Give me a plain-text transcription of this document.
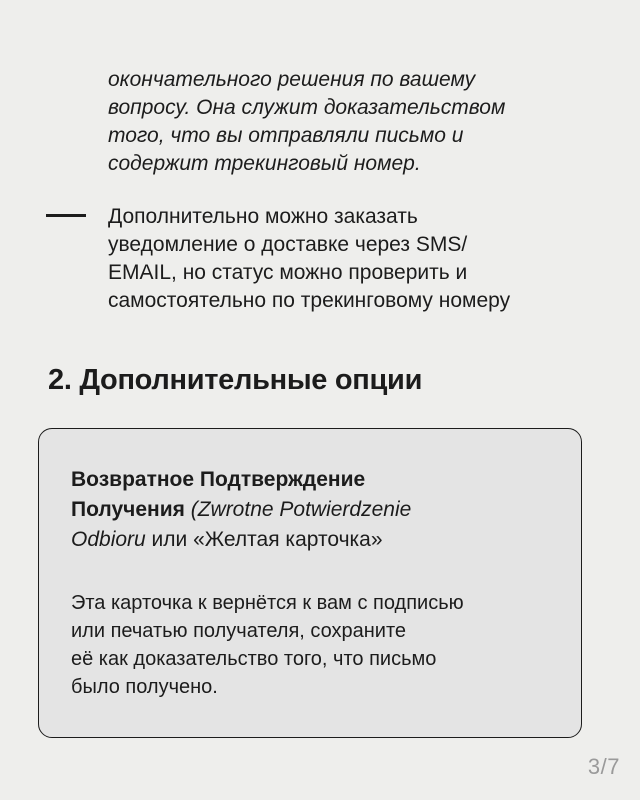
окончательного решения по вашему
вопросу. Она служит доказательством
того, что вы отправляли письмо и
содержит трекинговый номер.
Дополнительно можно заказать
уведомление о доставке через SMS/
EMAIL, но статус можно проверить и
самостоятельно по трекинговому номеру
2. Дополнительные опции
Возвратное Подтверждение
Получения (Zwrotne Potwierdzenie
Odbioru или «Желтая карточка»
Эта карточка к вернётся к вам с подписью
или печатью получателя, сохраните
её как доказательство того, что письмо
было получено.
3/7
